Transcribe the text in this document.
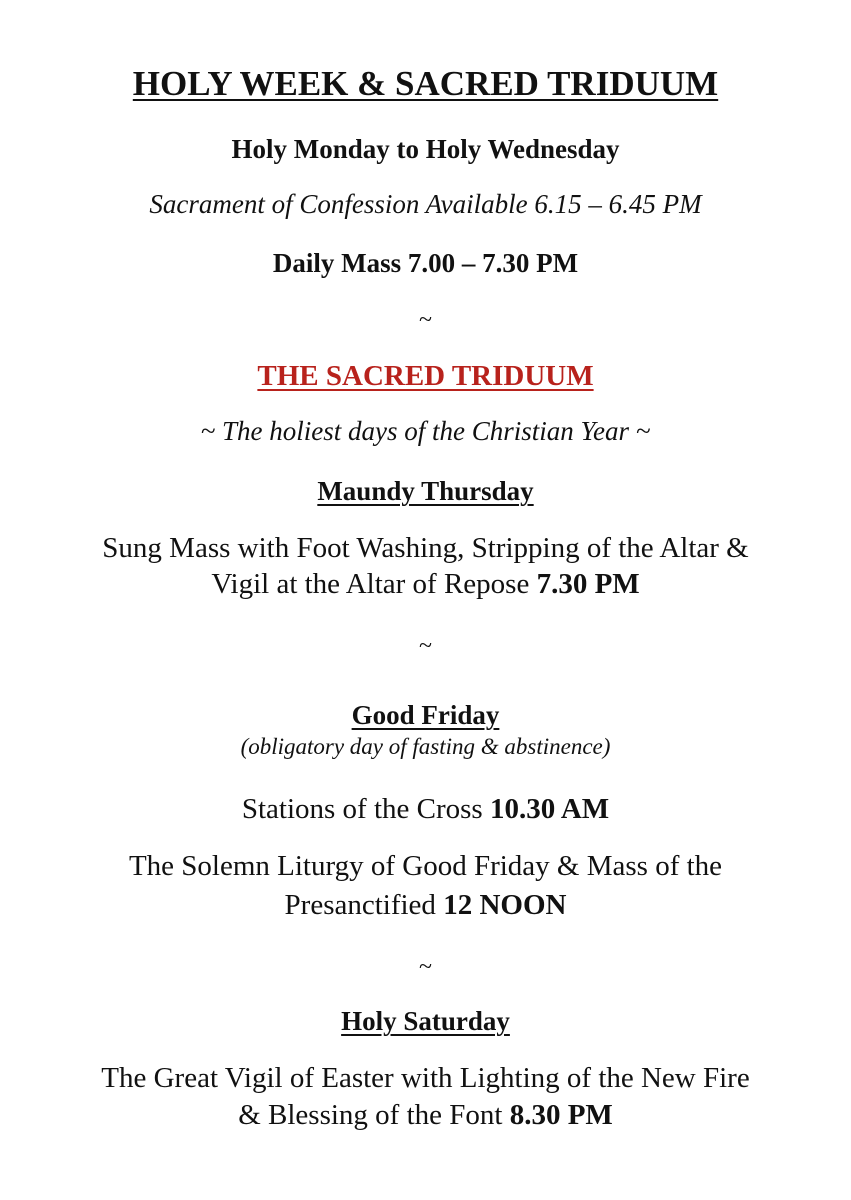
HOLY WEEK & SACRED TRIDUUM
Holy Monday to Holy Wednesday
Sacrament of Confession Available 6.15 – 6.45 PM
Daily Mass 7.00 – 7.30 PM
~
THE SACRED TRIDUUM
~ The holiest days of the Christian Year ~
Maundy Thursday
Sung Mass with Foot Washing, Stripping of the Altar &
Vigil at the Altar of Repose 7.30 PM
~
Good Friday
(obligatory day of fasting & abstinence)
Stations of the Cross 10.30 AM
The Solemn Liturgy of Good Friday & Mass of the
Presanctified 12 NOON
~
Holy Saturday
The Great Vigil of Easter with Lighting of the New Fire
& Blessing of the Font 8.30 PM
